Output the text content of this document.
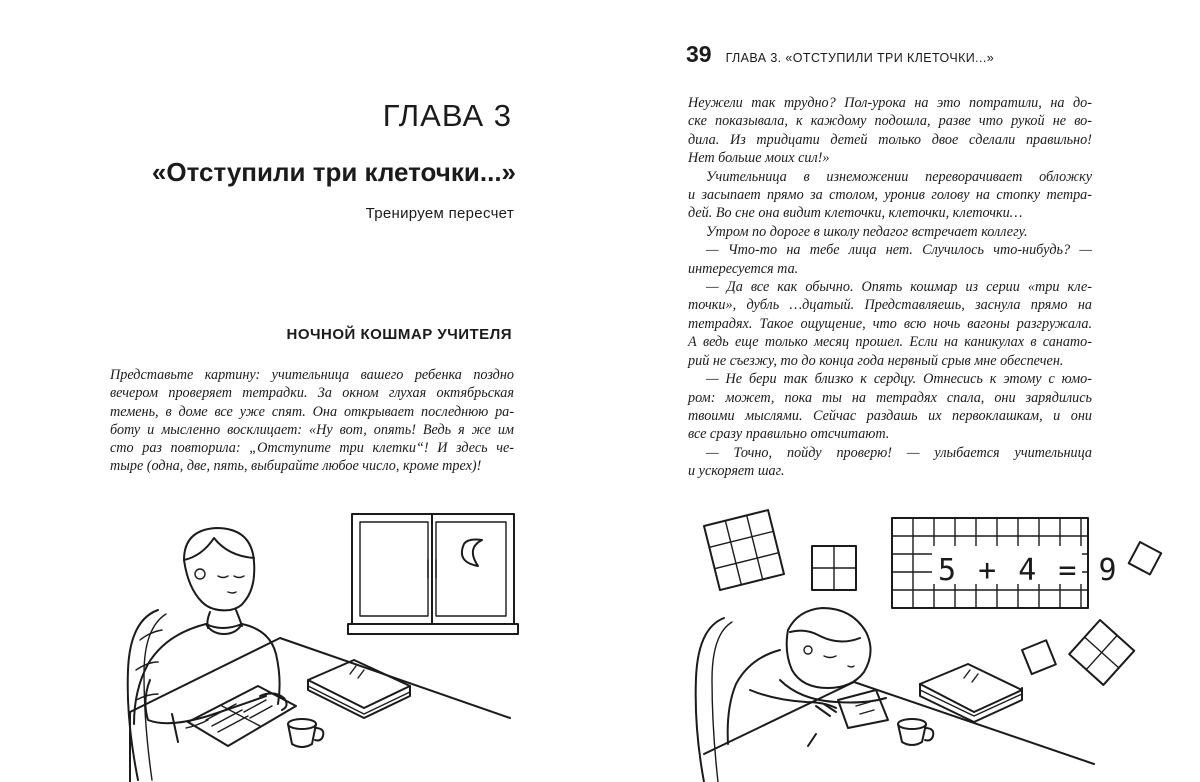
ГЛАВА 3
«Отступили три клеточки...»
Тренируем пересчет
НОЧНОЙ КОШМАР УЧИТЕЛЯ
Представьте картину: учительница вашего ребенка поздно
вечером проверяет тетрадки. За окном глухая октябрьская
темень, в доме все уже спят. Она открывает последнюю ра-
боту и мысленно восклицает: «Ну вот, опять! Ведь я же им
сто раз повторила: „Отступите три клетки“! И здесь че-
тыре (одна, две, пять, выбирайте любое число, кроме трех)!
39 ГЛАВА 3. «ОТСТУПИЛИ ТРИ КЛЕТОЧКИ...»
Неужели так трудно? Пол-урока на это потратили, на до-
ске показывала, к каждому подошла, разве что рукой не во-
дила. Из тридцати детей только двое сделали правильно!
Нет больше моих сил!»
Учительница в изнеможении переворачивает обложку
и засыпает прямо за столом, уронив голову на стопку тетра-
дей. Во сне она видит клеточки, клеточки, клеточки…
Утром по дороге в школу педагог встречает коллегу.
— Что-то на тебе лица нет. Случилось что-нибудь? —
интересуется та.
— Да все как обычно. Опять кошмар из серии «три кле-
точки», дубль …дцатый. Представляешь, заснула прямо на
тетрадях. Такое ощущение, что всю ночь вагоны разгружала.
А ведь еще только месяц прошел. Если на каникулах в санато-
рий не съезжу, то до конца года нервный срыв мне обеспечен.
— Не бери так близко к сердцу. Отнесись к этому с юмо-
ром: может, пока ты на тетрадях спала, они зарядились
твоими мыслями. Сейчас раздашь их первоклашкам, и они
все сразу правильно отсчитают.
— Точно, пойду проверю! — улыбается учительница
и ускоряет шаг.
5 + 4 = 9
